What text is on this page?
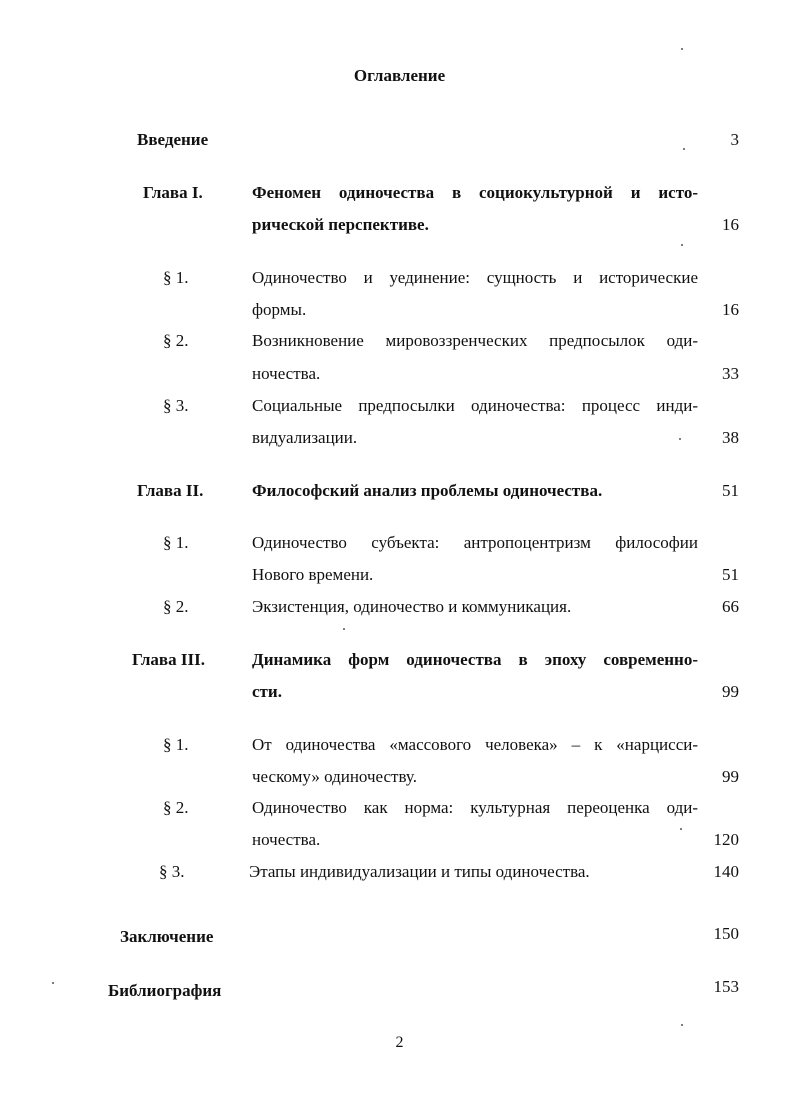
Оглавление
Введение	3
Глава I.	Феномен одиночества в социокультурной и исто-
рической перспективе.	16
§ 1.	Одиночество и уединение: сущность и исторические
формы.	16
§ 2.	Возникновение мировоззренческих предпосылок оди-
ночества.	33
§ 3.	Социальные предпосылки одиночества: процесс инди-
видуализации.	38
Глава II.	Философский анализ проблемы одиночества.	51
§ 1.	Одиночество субъекта: антропоцентризм философии
Нового времени.	51
§ 2.	Экзистенция, одиночество и коммуникация.	66
Глава III.	Динамика форм одиночества в эпоху современно-
сти.	99
§ 1.	От одиночества «массового человека» – к «нарцисси-
ческому» одиночеству.	99
§ 2.	Одиночество как норма: культурная переоценка оди-
ночества.	120
§ 3.	Этапы индивидуализации и типы одиночества.	140
Заключение	150
Библиография	153
2
